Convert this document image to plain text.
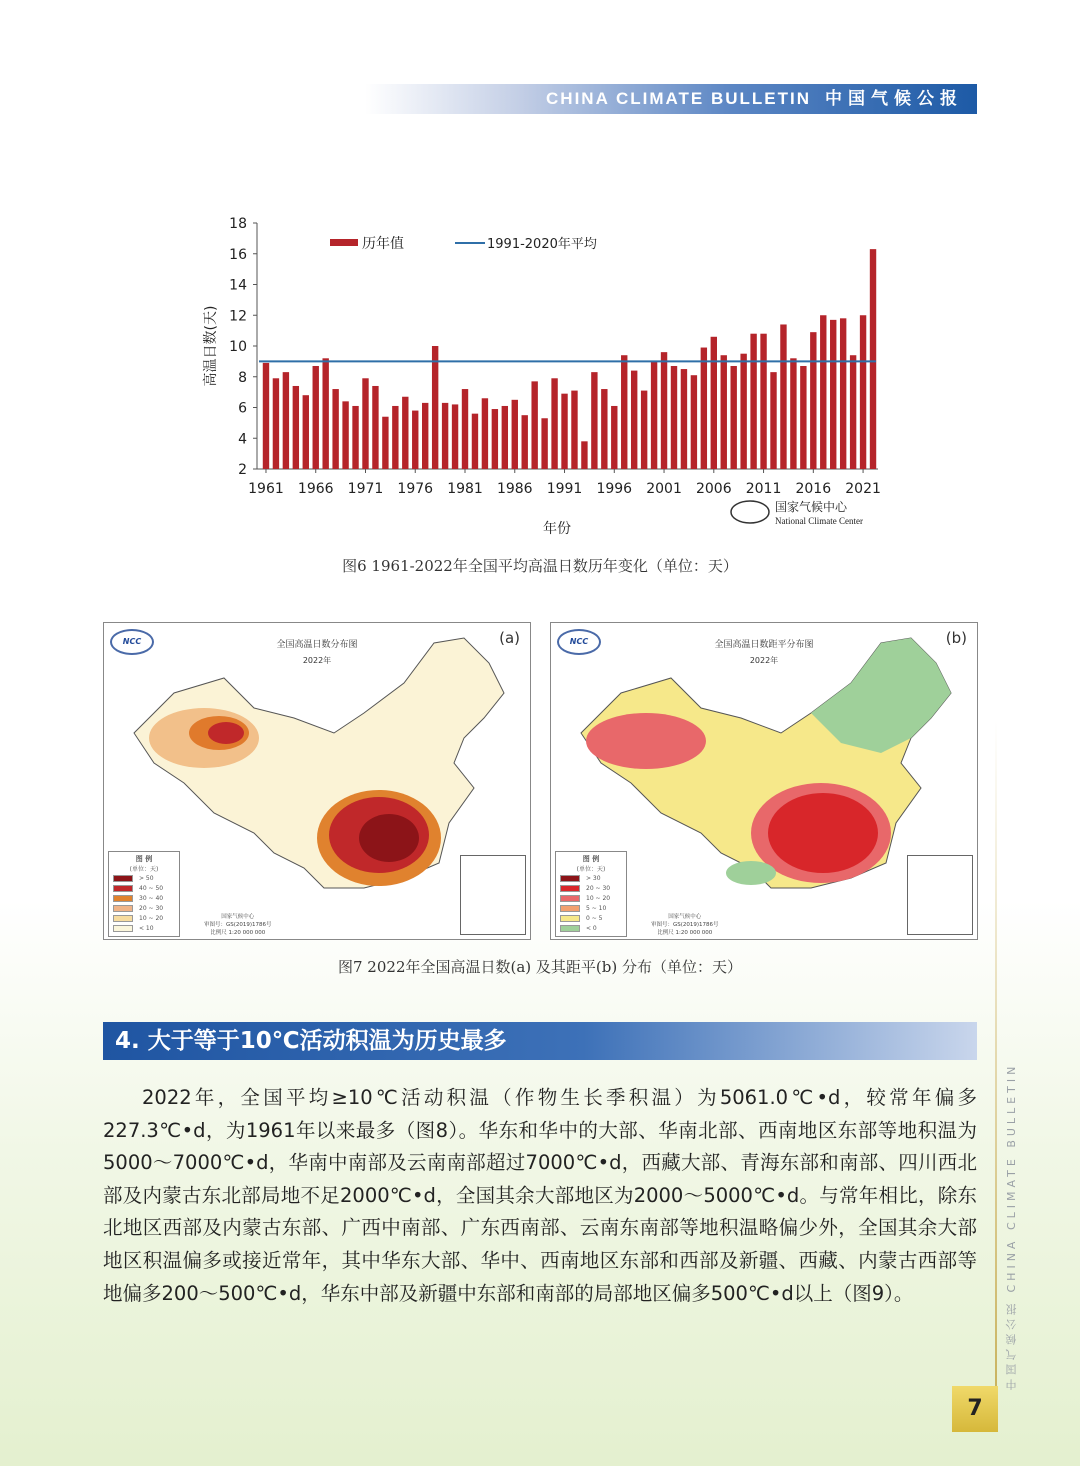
CHINA CLIMATE BULLETIN 中国气候公报
2
4
6
8
10
12
14
16
18
1961 1966 1971 1976 1981 1986 1991 1996 2001 2006 2011 2016 2021
历年值	1991-2020年平均
年份
高温日数(天)
国家气候中心
National Climate Center
图6 1961-2022年全国平均高温日数历年变化（单位：天）
NCC	全国高温日数分布图
2022年
(a)
图 例
(单位：天)
> 50
40 ~ 50
30 ~ 40
20 ~ 30
10 ~ 20
< 10
国家气候中心
审图号：GS(2019)1786号
比例尺 1:20 000 000
NCC	全国高温日数距平分布图
2022年
(b)
图 例
(单位：天)
> 30
20 ~ 30
10 ~ 20
5 ~ 10
0 ~ 5
< 0
国家气候中心
审图号：GS(2019)1786号
比例尺 1:20 000 000
图7 2022年全国高温日数(a) 及其距平(b) 分布（单位：天）
4. 大于等于10℃活动积温为历史最多

2022年，全国平均≥10℃活动积温（作物生长季积温）为5061.0℃•d，较常年偏多227.3℃•d，为1961年以来最多（图8）。华东和华中的大部、华南北部、西南地区东部等地积温为5000～7000℃•d，华南中南部及云南南部超过7000℃•d，西藏大部、青海东部和南部、四川西北部及内蒙古东北部局地不足2000℃•d，全国其余大部地区为2000～5000℃•d。与常年相比，除东北地区西部及内蒙古东部、广西中南部、广东西南部、云南东南部等地积温略偏少外，全国其余大部地区积温偏多或接近常年，其中华东大部、华中、西南地区东部和西部及新疆、西藏、内蒙古西部等地偏多200～500℃•d，华东中部及新疆中东部和南部的局部地区偏多500℃•d以上（图9）。	中国气候公报 CHINA CLIMATE BULLETIN
7
